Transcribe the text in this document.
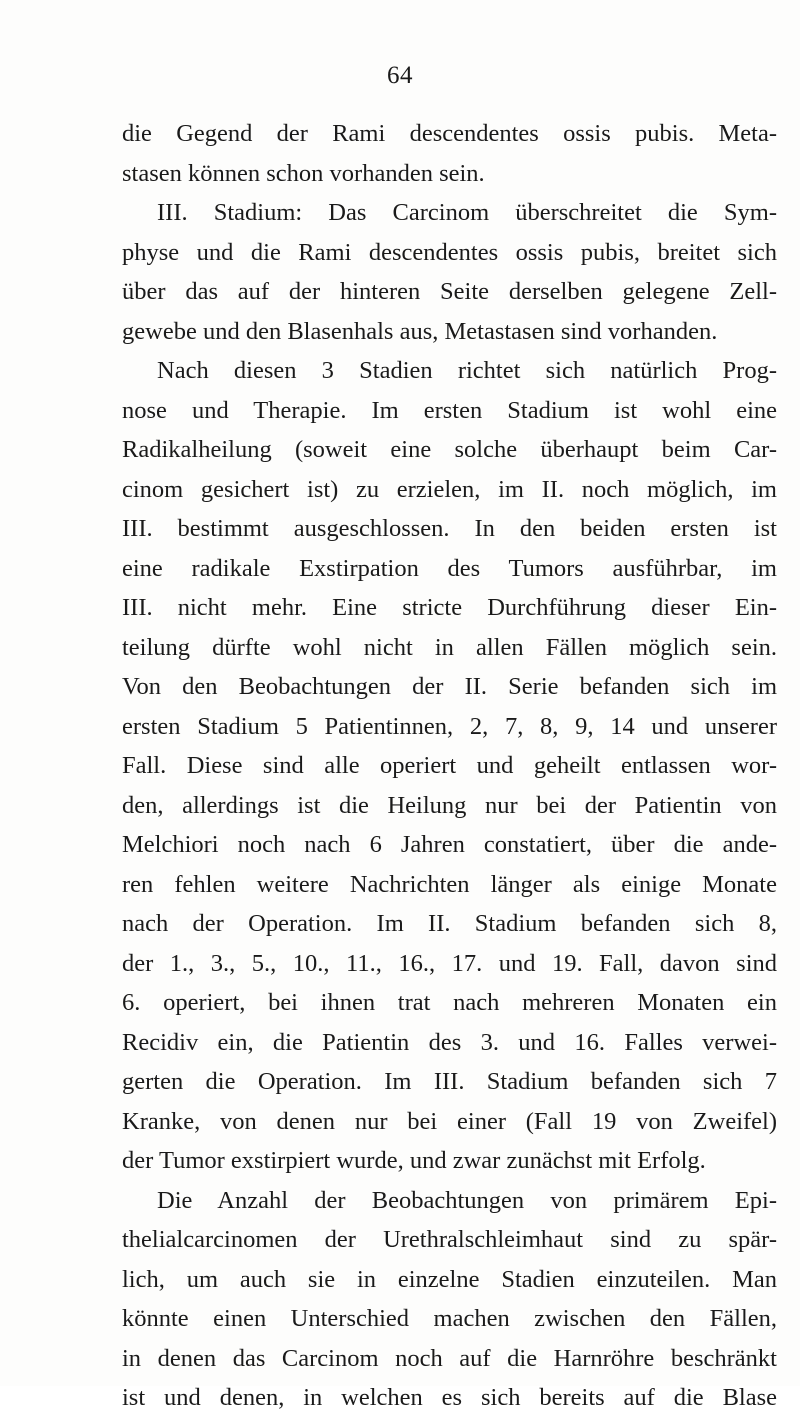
64
die Gegend der Rami descendentes ossis pubis. Meta-
stasen können schon vorhanden sein.
III. Stadium: Das Carcinom überschreitet die Sym-
physe und die Rami descendentes ossis pubis, breitet sich
über das auf der hinteren Seite derselben gelegene Zell-
gewebe und den Blasenhals aus, Metastasen sind vorhanden.
Nach diesen 3 Stadien richtet sich natürlich Prog-
nose und Therapie. Im ersten Stadium ist wohl eine
Radikalheilung (soweit eine solche überhaupt beim Car-
cinom gesichert ist) zu erzielen, im II. noch möglich, im
III. bestimmt ausgeschlossen. In den beiden ersten ist
eine radikale Exstirpation des Tumors ausführbar, im
III. nicht mehr. Eine stricte Durchführung dieser Ein-
teilung dürfte wohl nicht in allen Fällen möglich sein.
Von den Beobachtungen der II. Serie befanden sich im
ersten Stadium 5 Patientinnen, 2, 7, 8, 9, 14 und unserer
Fall. Diese sind alle operiert und geheilt entlassen wor-
den, allerdings ist die Heilung nur bei der Patientin von
Melchiori noch nach 6 Jahren constatiert, über die ande-
ren fehlen weitere Nachrichten länger als einige Monate
nach der Operation. Im II. Stadium befanden sich 8,
der 1., 3., 5., 10., 11., 16., 17. und 19. Fall, davon sind
6. operiert, bei ihnen trat nach mehreren Monaten ein
Recidiv ein, die Patientin des 3. und 16. Falles verwei-
gerten die Operation. Im III. Stadium befanden sich 7
Kranke, von denen nur bei einer (Fall 19 von Zweifel)
der Tumor exstirpiert wurde, und zwar zunächst mit Erfolg.
Die Anzahl der Beobachtungen von primärem Epi-
thelialcarcinomen der Urethralschleimhaut sind zu spär-
lich, um auch sie in einzelne Stadien einzuteilen. Man
könnte einen Unterschied machen zwischen den Fällen,
in denen das Carcinom noch auf die Harnröhre beschränkt
ist und denen, in welchen es sich bereits auf die Blase
